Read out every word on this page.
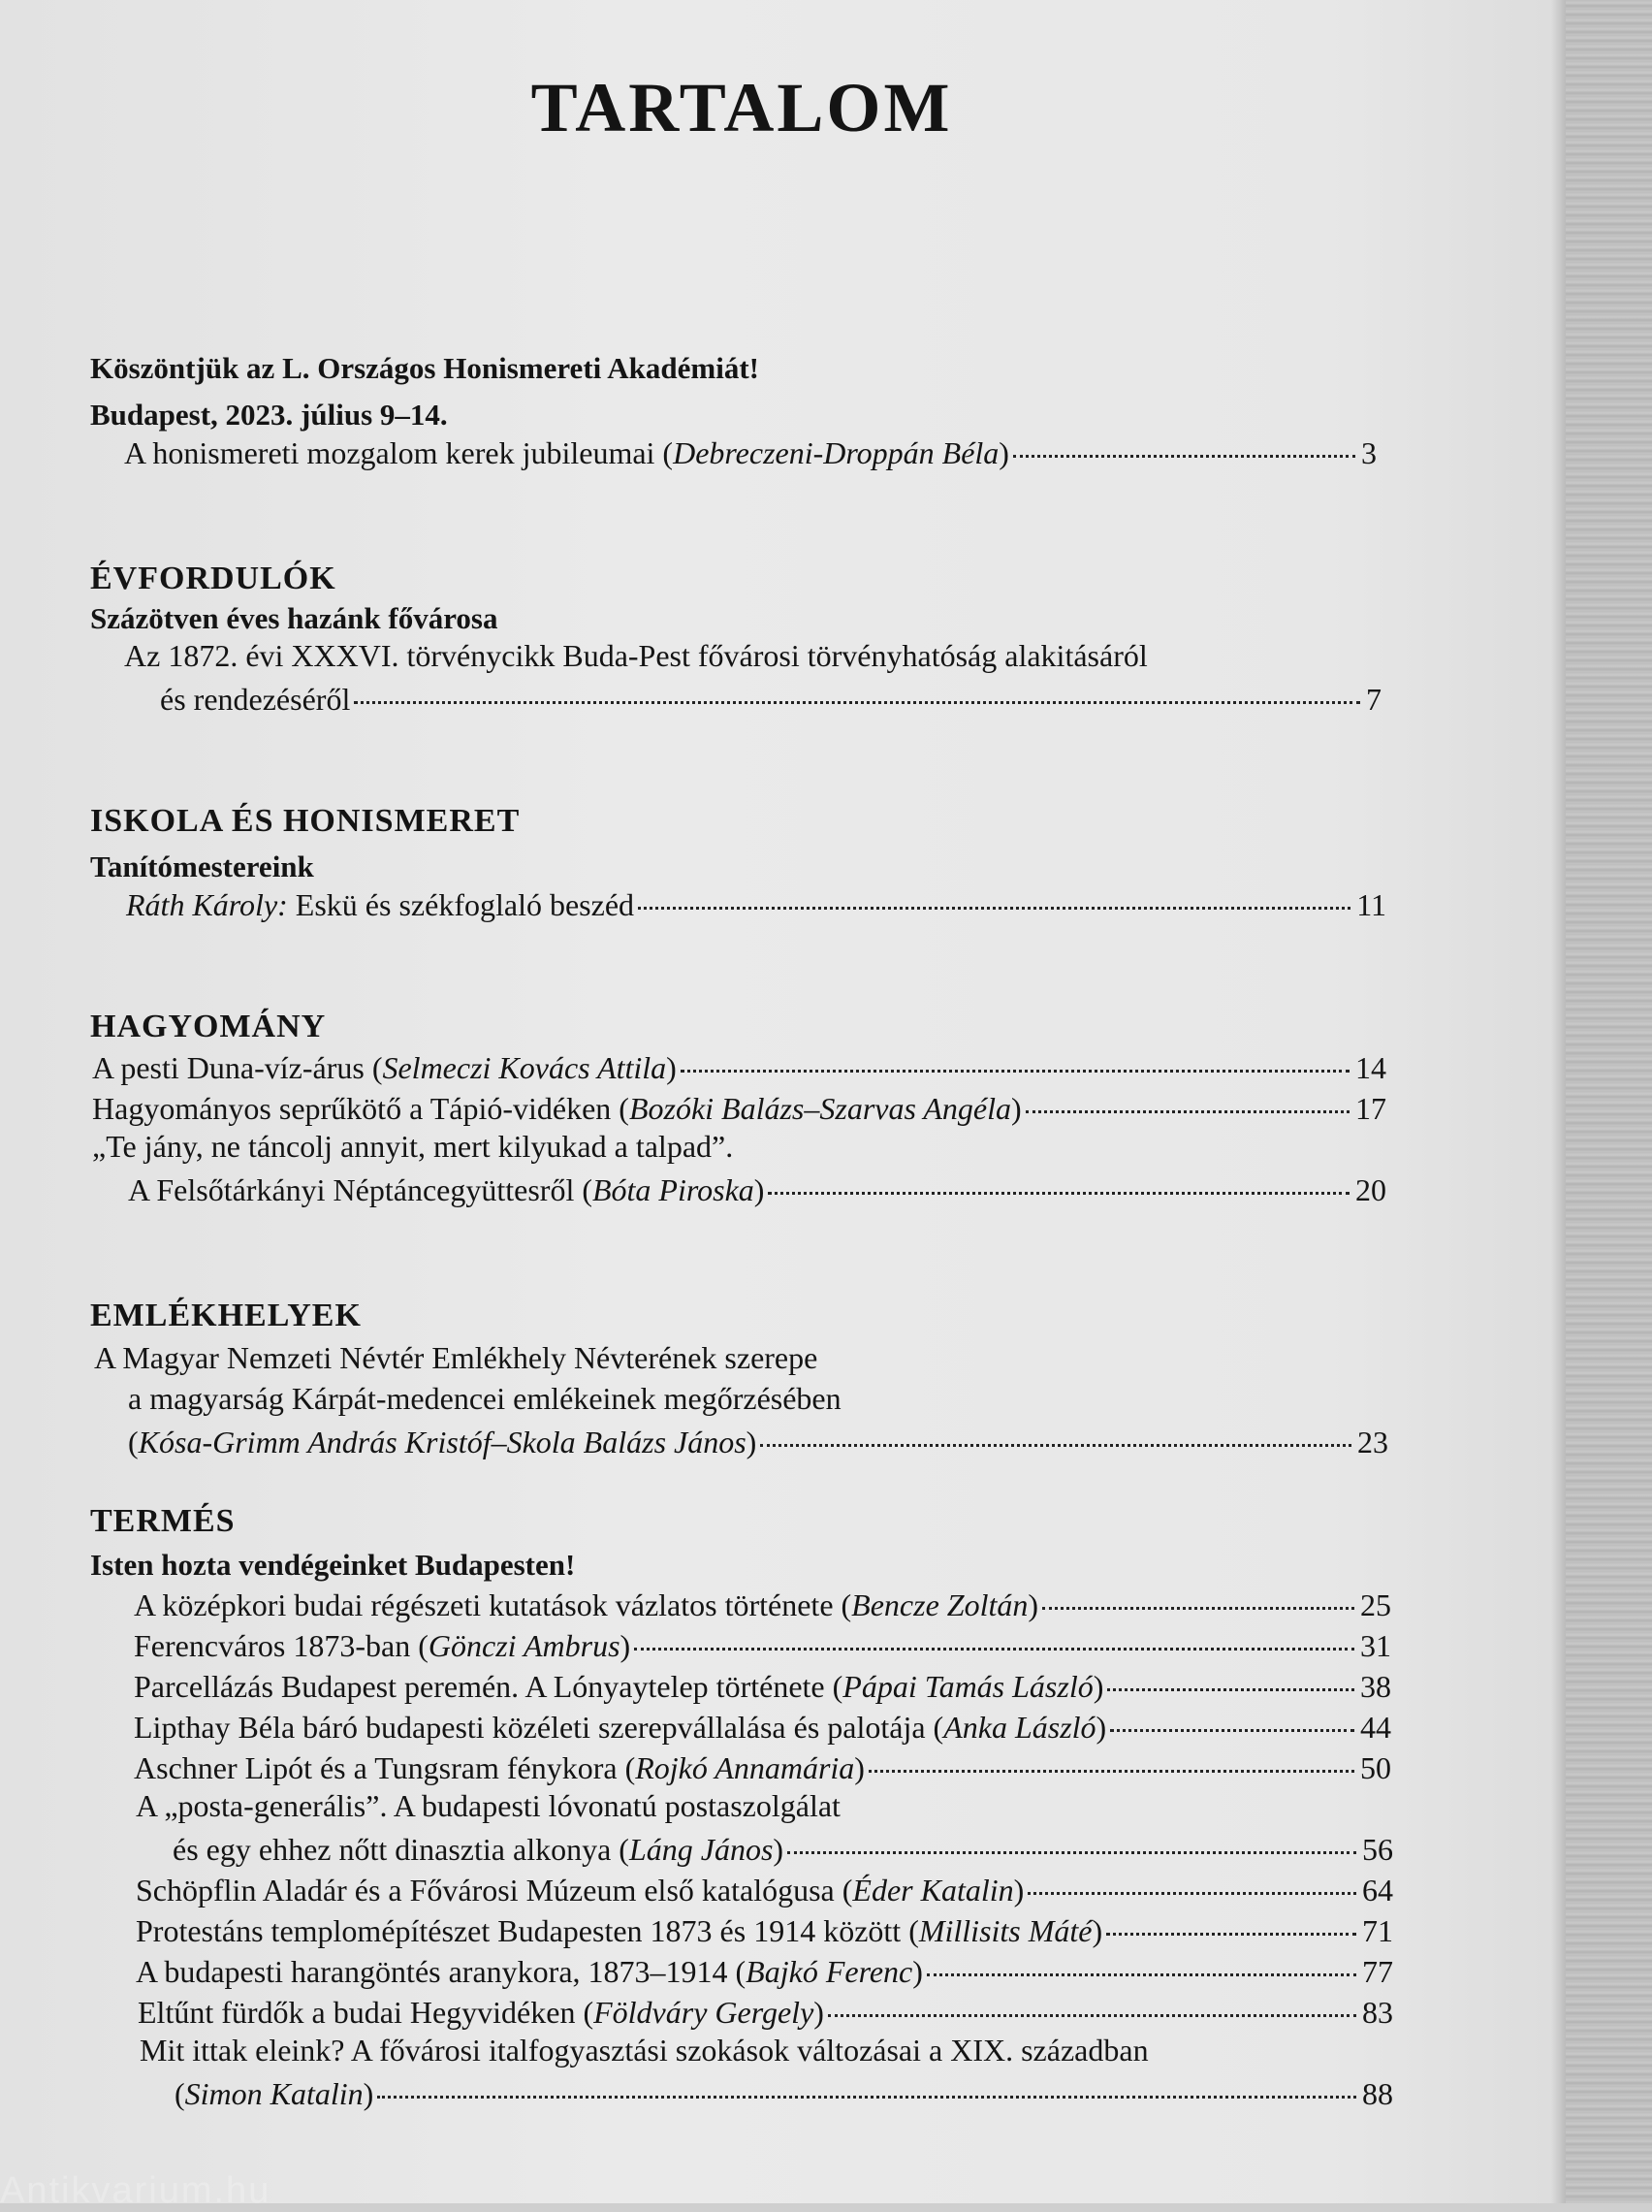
TARTALOM
Köszöntjük az L. Országos Honismereti Akadémiát!
Budapest, 2023. július 9–14.
A honismereti mozgalom kerek jubileumai (Debreczeni-Droppán Béla)	3
ÉVFORDULÓK
Százötven éves hazánk fővárosa
Az 1872. évi XXXVI. törvénycikk Buda-Pest fővárosi törvényhatóság alakitásáról
és rendezéséről	7
ISKOLA ÉS HONISMERET
Tanítómestereink
Ráth Károly: Eskü és székfoglaló beszéd	11
HAGYOMÁNY
A pesti Duna-víz-árus (Selmeczi Kovács Attila)	14
Hagyományos seprűkötő a Tápió-vidéken (Bozóki Balázs–Szarvas Angéla)	17
„Te jány, ne táncolj annyit, mert kilyukad a talpad”.
A Felsőtárkányi Néptáncegyüttesről (Bóta Piroska)	20
EMLÉKHELYEK
A Magyar Nemzeti Névtér Emlékhely Névterének szerepe
a magyarság Kárpát-medencei emlékeinek megőrzésében
(Kósa-Grimm András Kristóf–Skola Balázs János)	23
TERMÉS
Isten hozta vendégeinket Budapesten!
A középkori budai régészeti kutatások vázlatos története (Bencze Zoltán)	25
Ferencváros 1873-ban (Gönczi Ambrus)	31
Parcellázás Budapest peremén. A Lónyaytelep története (Pápai Tamás László)	38
Lipthay Béla báró budapesti közéleti szerepvállalása és palotája (Anka László)	44
Aschner Lipót és a Tungsram fénykora (Rojkó Annamária)	50
A „posta-generális”. A budapesti lóvonatú postaszolgálat
és egy ehhez nőtt dinasztia alkonya (Láng János)	56
Schöpflin Aladár és a Fővárosi Múzeum első katalógusa (Éder Katalin)	64
Protestáns templomépítészet Budapesten 1873 és 1914 között (Millisits Máté)	71
A budapesti harangöntés aranykora, 1873–1914 (Bajkó Ferenc)	77
Eltűnt fürdők a budai Hegyvidéken (Földváry Gergely)	83
Mit ittak eleink? A fővárosi italfogyasztási szokások változásai a XIX. században
(Simon Katalin)	88
Antikvarium.hu
